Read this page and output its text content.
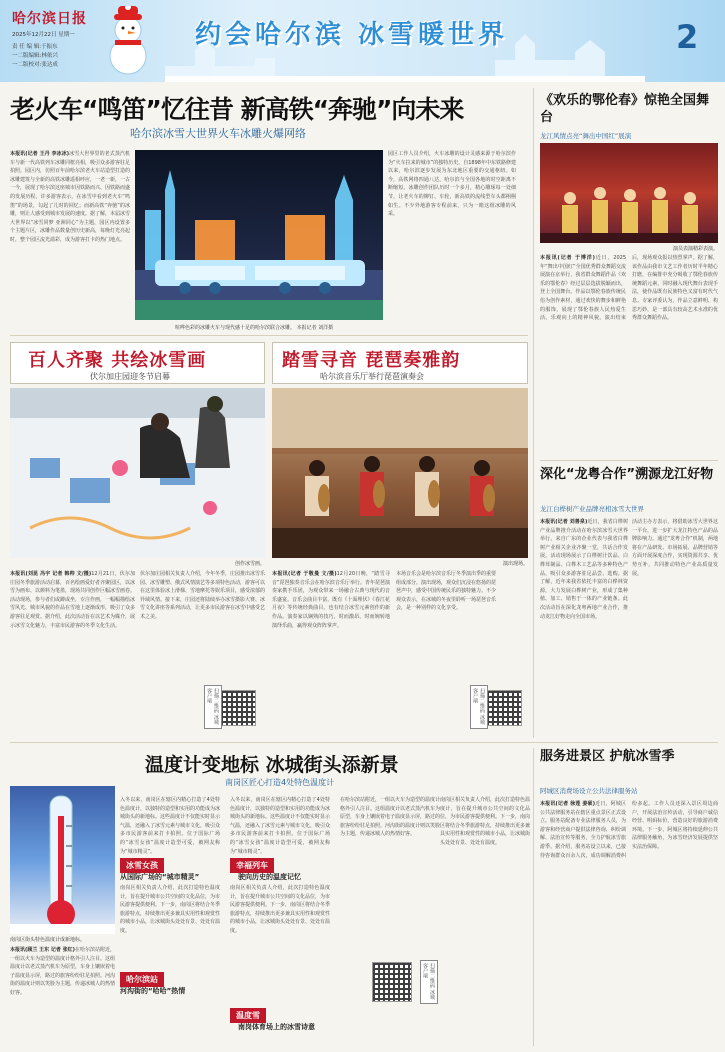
哈尔滨日报
2025年12月22日 星期一
责 任 编 辑:于振东
一二版编辑:林依兴
一二版校对:张达成
约会哈尔滨 冰雪暖世界	2
老火车“鸣笛”忆往昔 新高铁“奔驰”向未来
哈尔滨冰雪大世界火车冰雕火爆网络
本报讯(记者 王丹 李冰冰)冰雪大世界里的老式蒸汽机车与新一代高铁列车冰雕同框亮相，吸引众多游客驻足拍照。园区内，仿照百年前哈尔滨老火车站造型打造的冰雕建筑与全新的高铁冰雕遥相呼应，一老一新，一古一今，展现了哈尔滨这座城市因铁路而兴、因铁路而盛的发展历程。许多游客表示，在冰雪中看到老火车“鸣笛”的场景，勾起了儿时的回忆；而新高铁“奔驰”的冰雕，则让人感受到城市发展的速度。据了解，本届冰雪大世界以“冰雪同梦 亚洲同心”为主题，园区内设置多个主题片区，冰雕作品数量创历史新高，每晚灯光亮起时，整个园区流光溢彩，成为游客打卡的热门地点。
喧哗色彩的冰雕火车与现代感十足的哈尔滨联合冰雕。 本报记者 刘洋摄
园区工作人员介绍，火车冰雕的设计灵感来源于哈尔滨作为“火车拉来的城市”的独特历史。自1898年中东铁路修建以来，哈尔滨逐步发展为东北地区重要的交通枢纽。如今，高铁网络四通八达，哈尔滨与全国各地的时空距离不断缩短。冰雕创作团队历时一个多月，精心雕琢每一处细节，让老火车的铆钉、车轮，新高铁的流线型车头都栩栩如生。不少外地游客专程前来，只为一睹这组冰雕的风采。
《欢乐的鄂伦春》惊艳全国舞台
龙江风情点亮“舞出中国红”展演
演员表演精彩表演。
本报讯(记者 于博洋)近日，2025年“舞出中国红”全国优秀群众舞蹈交流展演在京举行，我省群众舞蹈作品《欢乐的鄂伦春》经过层层选拔脱颖而出，登上全国舞台。作品以鄂伦春族传统民俗为创作素材，通过欢快的舞步和鲜艳的服饰，展现了鄂伦春族人民热爱生活、乐观向上的精神风貌。演出结束后，现场观众报以热烈掌声。据了解，该作品由我市文艺工作者历时半年精心打磨，在编排中充分吸收了鄂伦春族传统舞蹈元素，同时融入现代舞台表现手法，使作品既有民族特色又富有时代气息。专家评委认为，作品立意鲜明、构思巧妙，是一部具有较高艺术水准的优秀群众舞蹈作品。
百人齐聚 共绘冰雪画
伏尔加庄园迎冬节启幕
创作冰雪画。
本报讯(刘昆 冯宇 记者 韩帅 文/摄)12月21日，伏尔加庄园冬季旅游活动启幕，百名绘画爱好者齐聚园区，以冰雪为画布、以颜料为笔墨，现场共同创作巨幅冰雪画卷。活动现场，参与者们或蹲或坐，专注作画，一幅幅描绘冰雪风光、城市风貌的作品在雪地上逐渐成形，吸引了众多游客驻足观赏。据介绍，此次活动旨在以艺术为媒介，展示冰雪文化魅力，丰富市民游客的冬季文化生活。
伏尔加庄园相关负责人介绍，今年冬季，庄园推出冰雪乐园、冰雪雕塑、俄式风情演艺等多项特色活动，游客可以在这里体验冰上滑梯、雪地摩托等娱乐项目，感受浓郁的异域风情。接下来，庄园还将陆续举办冰雪摄影大赛、冰雪文化讲座等系列活动，让更多市民游客在冰雪中感受艺术之美。
踏雪寻音 琵琶奏雅韵
哈尔滨音乐厅举行琵琶演奏会
演出现场。
本报讯(记者 于敬曼 文/摄)12月20日晚，“踏雪寻音”琵琶独奏音乐会在哈尔滨音乐厅举行。青年琵琶演奏家携手乐团，为观众带来一场融合古典与现代的音乐盛宴。音乐会曲目丰富，既有《十面埋伏》《春江花月夜》等传统经典曲目，也有结合冰雪元素创作的新作品。演奏家以娴熟的技巧，时而激昂、时而婉转地演绎乐曲，赢得观众阵阵掌声。
本场音乐会是哈尔滨音乐厅冬季演出季的重要组成部分。演出现场，观众们沉浸在悠扬的琵琶声中，感受中国传统民乐的独特魅力。不少观众表示，在冰城的冬夜里聆听一场琵琶音乐会，是一种别样的文化享受。
扫描二维码 冰城 客户端	扫描二维码 冰城 客户端
深化“龙粤合作”溯源龙江好物
龙江白桦树产业品牌亮相冰雪大世界
本报讯(记者 刘善泉)近日，我省白桦树产业品牌推介活动在哈尔滨冰雪大世界举行。来自广东的企业代表与我省白桦树产业相关企业齐聚一堂，共话合作发展。活动现场展示了白桦树汁饮品、白桦茸制品、白桦木工艺品等多种特色产品，吸引众多游客驻足品尝、选购。据了解，近年来我省依托丰富的白桦林资源，大力发展白桦树产业，形成了集种植、加工、销售于一体的产业链条。此次活动旨在深化龙粤两地产业合作，推动龙江好物走向全国市场。
活动主办方表示，将借助冰雪大世界这一平台，进一步扩大龙江特色产品的品牌影响力。通过“龙粤合作”机制，两地将在产品研发、市场拓展、品牌营销等方面开展深度合作，实现资源共享、优势互补，共同推动特色产业高质量发展。
温度计变地标 冰城街头添新景
南岗区匠心打造4处特色温度计
入冬以来，南岗区在辖区内精心打造了4处特色温度计，以独特的造型和实用的功能成为冰城街头的新地标。这些温度计不仅能实时显示气温，还融入了冰雪元素与城市文化，吸引众多市民游客前来打卡拍照。位于国际广场的“冰雪女孩”温度计造型可爱，被网友称为“城市精灵”。
冰雪女孩
从国际广场的“城市精灵”
南岗区街头特色温度计成新地标。
本报讯(顾兰 王东 记者 张红)在哈尔滨站附近，一组以火车为造型的温度计格外引人注目。这组温度计以老式蒸汽机车为原型，车身上镶嵌着电子温度显示屏，路过的旅客纷纷驻足拍照。河沟街的温度计则以笑脸为主题，传递冰城人的热情好客。
南岗区相关负责人介绍，此次打造特色温度计，旨在提升城市公共空间的文化品位，为市民游客提供便利。下一步，南岗区将结合冬季旅游特点，持续推出更多兼具实用性和观赏性的城市小品，让冰城街头处处有景、处处有温度。
幸福列车
驶向历史的温度记忆
入冬以来，南岗区在辖区内精心打造了4处特色温度计，以独特的造型和实用的功能成为冰城街头的新地标。这些温度计不仅能实时显示气温，还融入了冰雪元素与城市文化，吸引众多市民游客前来打卡拍照。位于国际广场的“冰雪女孩”温度计造型可爱，被网友称为“城市精灵”。
南岗区相关负责人介绍，此次打造特色温度计，旨在提升城市公共空间的文化品位，为市民游客提供便利。下一步，南岗区将结合冬季旅游特点，持续推出更多兼具实用性和观赏性的城市小品，让冰城街头处处有景、处处有温度。
温度雪
南岗体育场上的冰雪诗意
在哈尔滨站附近，一组以火车为造型的温度计格外引人注目。这组温度计以老式蒸汽机车为原型，车身上镶嵌着电子温度显示屏，路过的旅客纷纷驻足拍照。河沟街的温度计则以笑脸为主题，传递冰城人的热情好客。
哈尔滨站
河沟街的“哈哈”热情	扫描二维码 冰城 客户端
南岗区相关负责人介绍，此次打造特色温度计，旨在提升城市公共空间的文化品位，为市民游客提供便利。下一步，南岗区将结合冬季旅游特点，持续推出更多兼具实用性和观赏性的城市小品，让冰城街头处处有景、处处有温度。
服务进景区 护航冰雪季
阿城区消费场设立公共法律服务站
本报讯(记者 徐莲 姜硕)近日，阿城区公共法律服务站在辖区重点景区正式设立。服务站配备专业法律服务人员，为游客和经营商户提供法律咨询、纠纷调解、法治宣传等服务，全力护航冰雪旅游季。据介绍，服务站设立以来，已接待咨询群众百余人次，成功调解消费纠纷多起。工作人员还深入景区周边商户，开展法治宣传活动，引导商户诚信经营、明码标价，营造良好的旅游消费环境。下一步，阿城区将持续延伸公共法律服务触角，为冰雪经济发展提供坚实法治保障。
